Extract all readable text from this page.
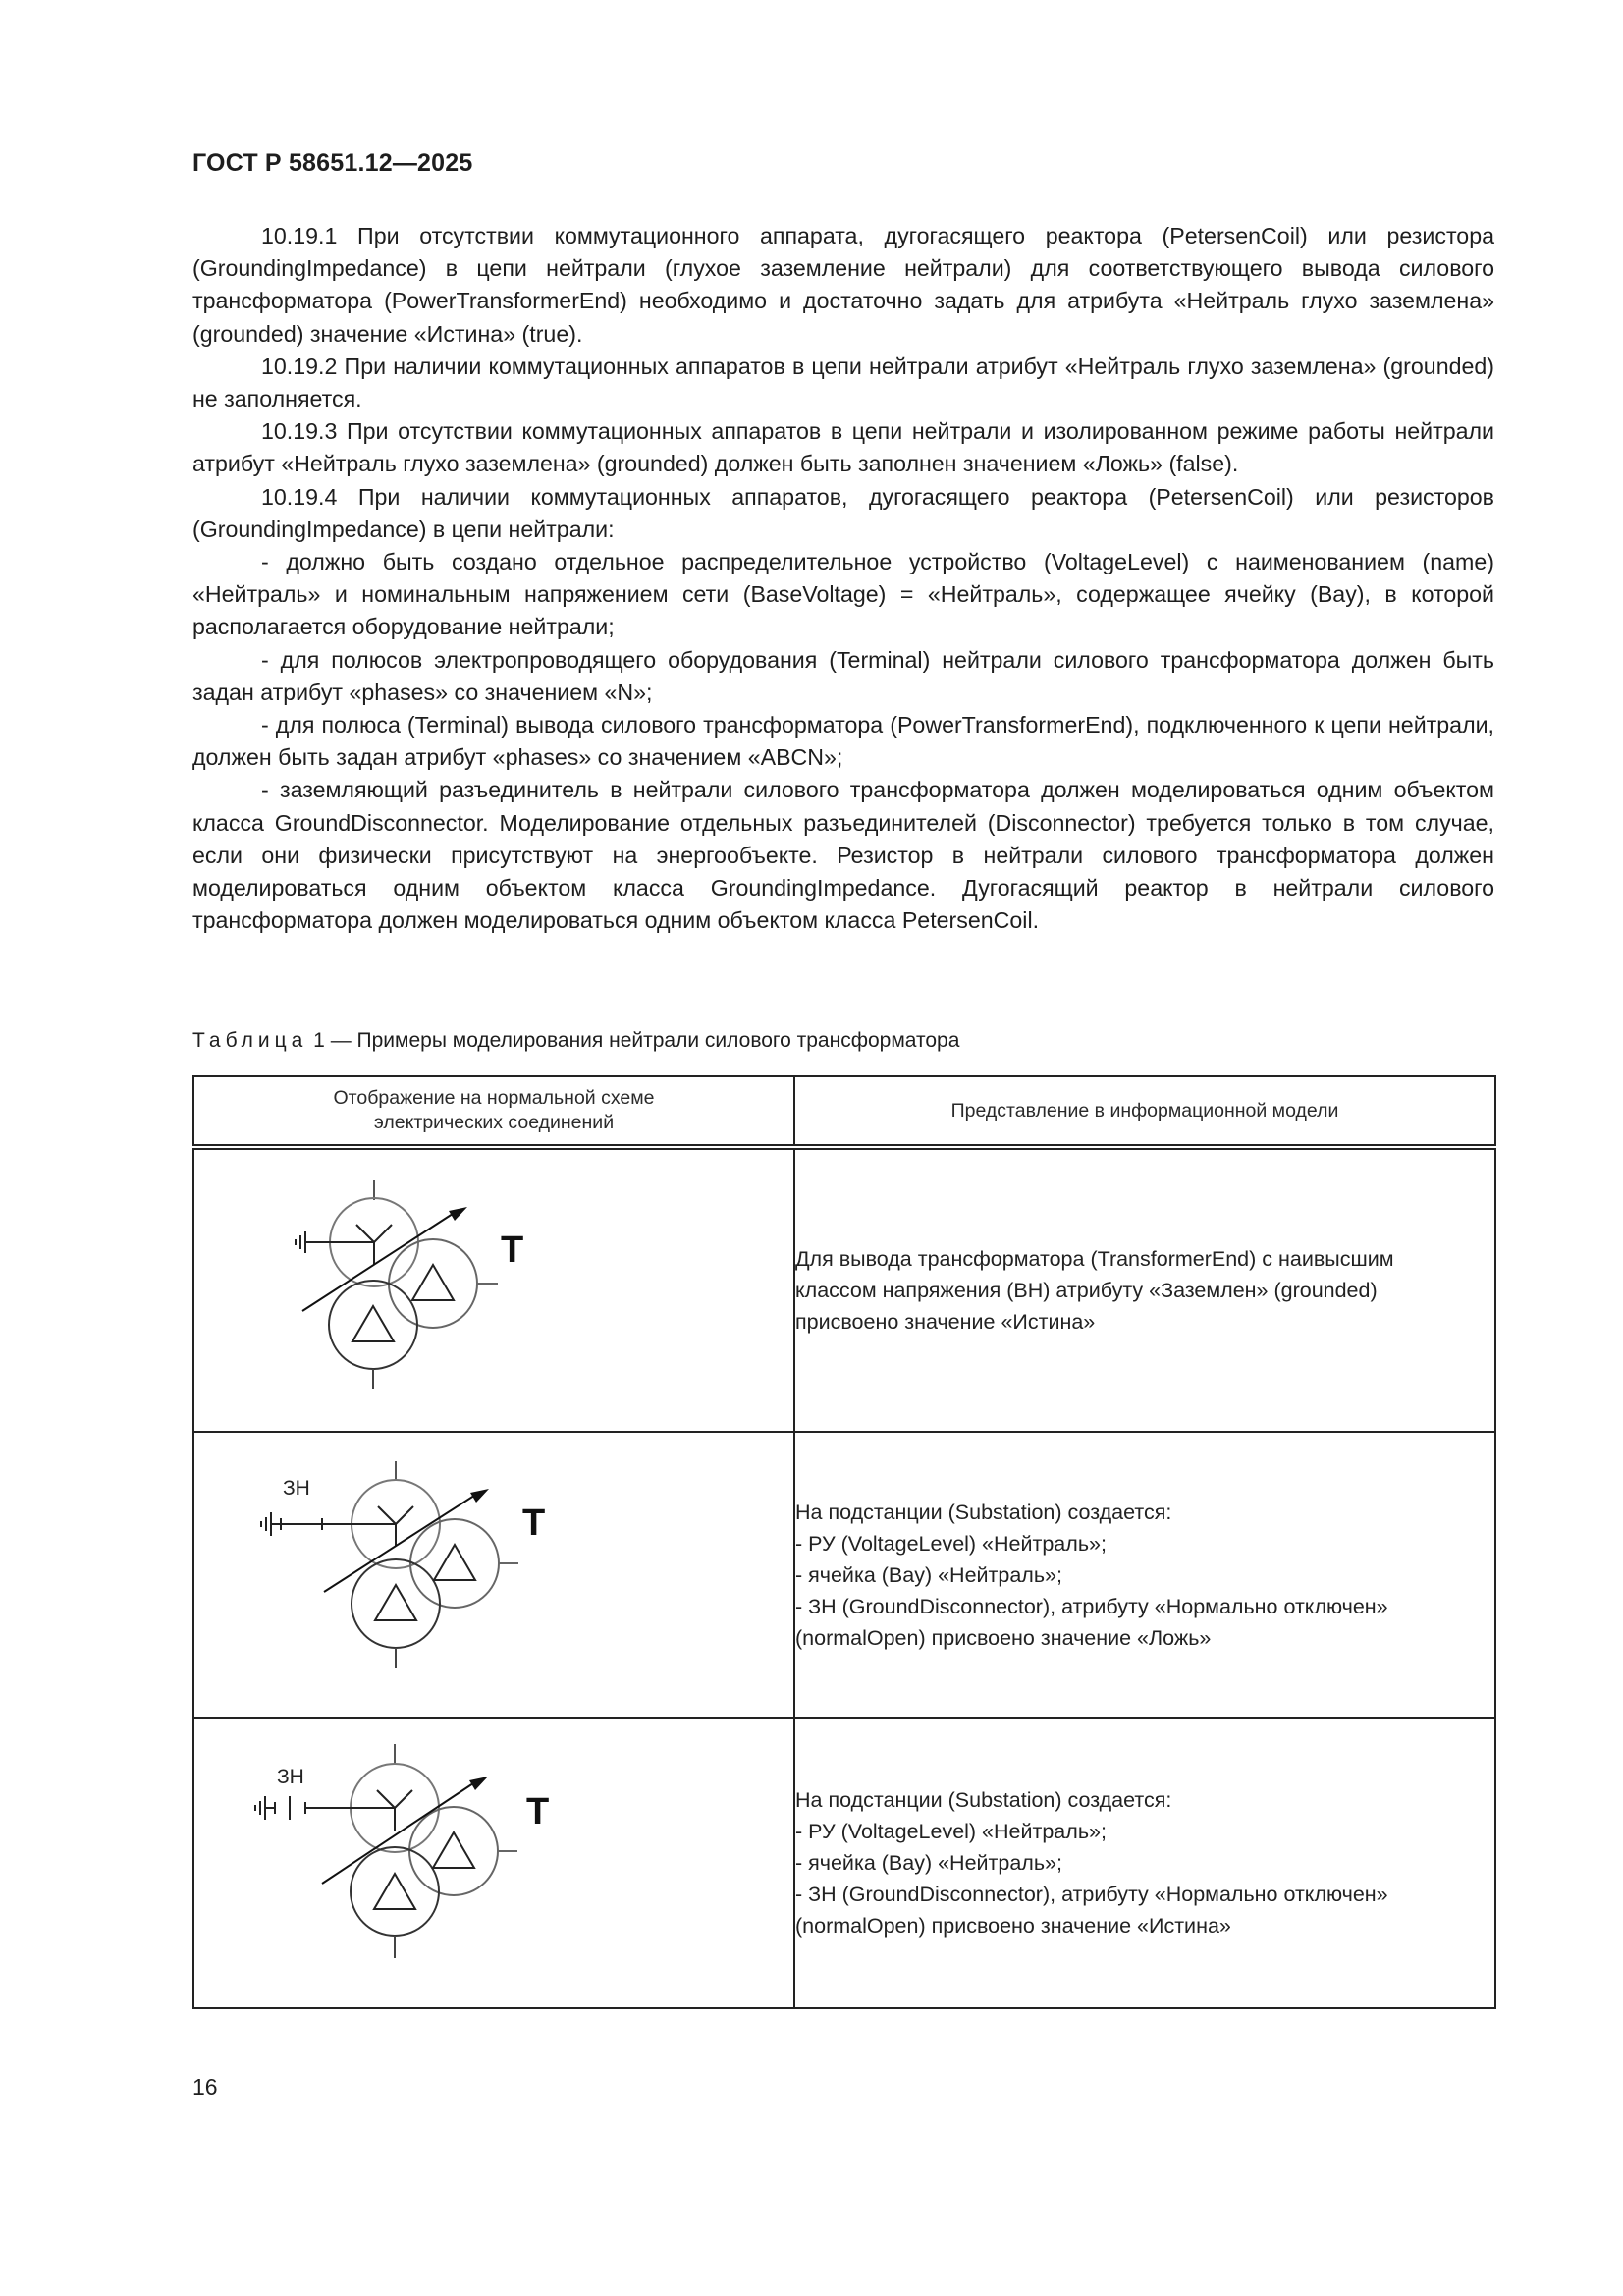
ГОСТ Р 58651.12—2025

10.19.1 При отсутствии коммутационного аппарата, дугогасящего реактора (PetersenCoil) или резистора (GroundingImpedance) в цепи нейтрали (глухое заземление нейтрали) для соответствующего вывода силового трансформатора (PowerTransformerEnd) необходимо и достаточно задать для атрибута «Нейтраль глухо заземлена» (grounded) значение «Истина» (true).

10.19.2 При наличии коммутационных аппаратов в цепи нейтрали атрибут «Нейтраль глухо заземлена» (grounded) не заполняется.

10.19.3 При отсутствии коммутационных аппаратов в цепи нейтрали и изолированном режиме работы нейтрали атрибут «Нейтраль глухо заземлена» (grounded) должен быть заполнен значением «Ложь» (false).

10.19.4 При наличии коммутационных аппаратов, дугогасящего реактора (PetersenCoil) или резисторов (GroundingImpedance) в цепи нейтрали:

- должно быть создано отдельное распределительное устройство (VoltageLevel) с наименованием (name) «Нейтраль» и номинальным напряжением сети (BaseVoltage) = «Нейтраль», содержащее ячейку (Bay), в которой располагается оборудование нейтрали;

- для полюсов электропроводящего оборудования (Terminal) нейтрали силового трансформатора должен быть задан атрибут «phases» со значением «N»;

- для полюса (Terminal) вывода силового трансформатора (PowerTransformerEnd), подключенного к цепи нейтрали, должен быть задан атрибут «phases» со значением «ABCN»;

- заземляющий разъединитель в нейтрали силового трансформатора должен моделироваться одним объектом класса GroundDisconnector. Моделирование отдельных разъединителей (Disconnector) требуется только в том случае, если они физически присутствуют на энергообъекте. Резистор в нейтрали силового трансформатора должен моделироваться одним объектом класса GroundingImpedance. Дугогасящий реактор в нейтрали силового трансформатора должен моделироваться одним объектом класса PetersenCoil.

Таблица 1 — Примеры моделирования нейтрали силового трансформатора
Отображение на нормальной схеме электрических соединений	Представление в информационной модели

Т	Для вывода трансформатора (TransformerEnd) с наивысшим классом напряжения (ВН) атрибуту «Заземлен» (grounded) присвоено значение «Истина»

ЗН
Т	На подстанции (Substation) создается:

- РУ (VoltageLevel) «Нейтраль»;

- ячейка (Bay) «Нейтраль»;

- ЗН (GroundDisconnector), атрибуту «Нормально отключен» (normalOpen) присвоено значение «Ложь»

ЗН
Т	На подстанции (Substation) создается:

- РУ (VoltageLevel) «Нейтраль»;

- ячейка (Bay) «Нейтраль»;

- ЗН (GroundDisconnector), атрибуту «Нормально отключен» (normalOpen) присвоено значение «Истина»

16
